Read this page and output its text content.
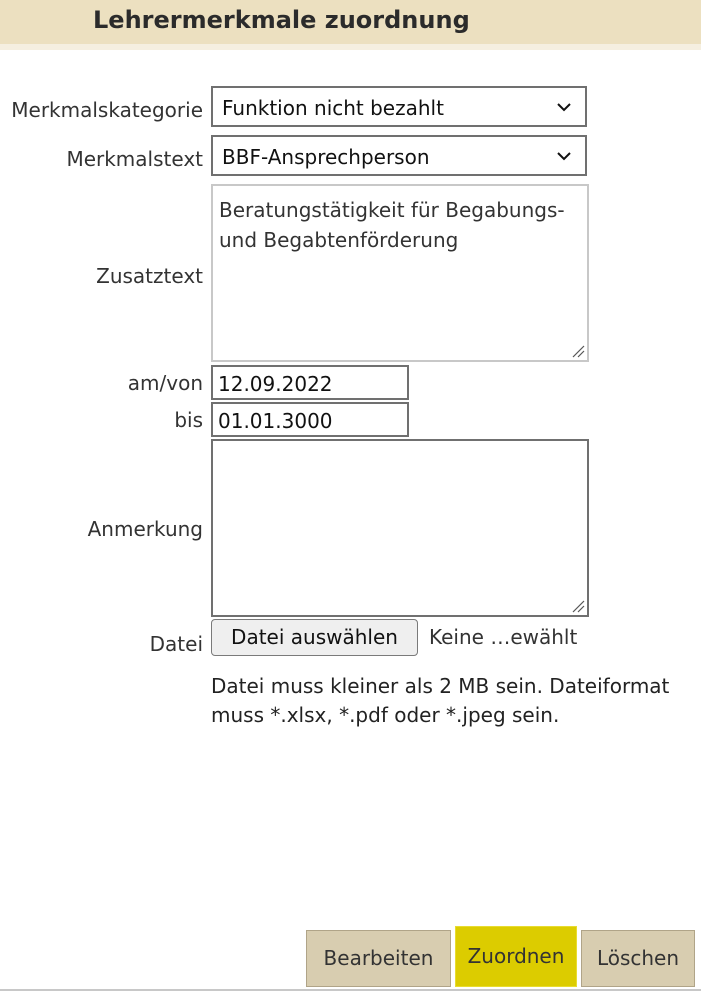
Lehrermerkmale zuordnung
Merkmalskategorie Funktion nicht bezahlt
Merkmalstext BBF-Ansprechperson
Zusatztext
Beratungstätigkeit für Begabungs-
und Begabtenförderung
am/von 12.09.2022
bis 01.01.3000
Anmerkung
Datei	Datei auswählen	Keine …ewählt
Datei muss kleiner als 2 MB sein. Dateiformat muss *.xlsx, *.pdf oder *.jpeg sein.
Bearbeiten	Zuordnen	Löschen
